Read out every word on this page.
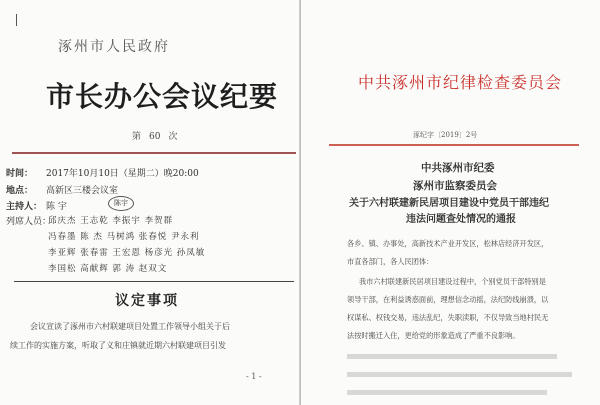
涿州市人民政府
市长办公会议纪要
第 60 次
时间： 2017年10月10日（星期二）晚20:00
地点： 高新区三楼会议室
主持人： 陈 宇	陈宇
列席人员：
邱庆杰 王志乾 李振宇 李贺群
冯春墨 陈 杰 马树鸿 张春悦 尹永利
李亚辉 张春雷 王宏恩 杨彦光 孙凤敏
李国松 高献辉 郭 涛 赵双文
议定事项
会议宣读了涿州市六村联建项目处置工作领导小组关于后
续工作的实施方案，听取了义和庄镇就近期六村联建项目引发
- 1 -
中共涿州市纪律检查委员会
涿纪字〔2019〕2号
中共涿州市纪委
涿州市监察委员会
关于六村联建新民居项目建设中党员干部违纪
违法问题查处情况的通报
各乡、镇、办事处，高新技术产业开发区，松林店经济开发区，
市直各部门，各人民团体：
我市六村联建新民居项目建设过程中，个别党员干部特别是
领导干部，在利益诱惑面前，理想信念动摇，法纪防线崩溃，以
权谋私、权钱交易，违法乱纪，失职渎职，不仅导致当地村民无
法按时搬迁入住，更给党的形象造成了严重不良影响。
